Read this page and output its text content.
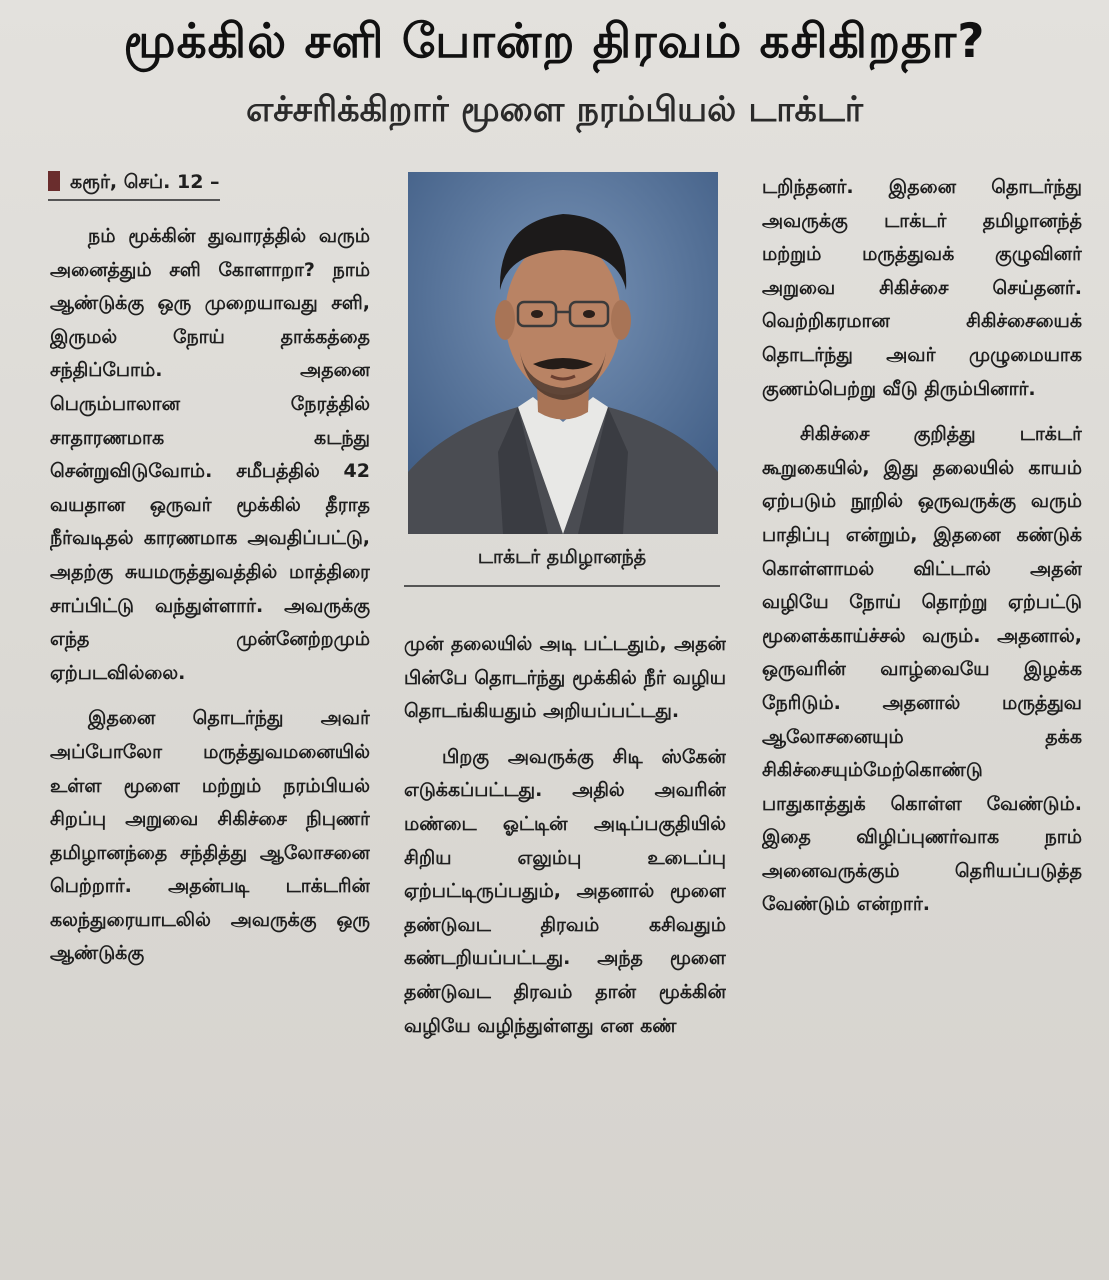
மூக்கில் சளி போன்ற திரவம் கசிகிறதா?
எச்சரிக்கிறார் மூளை நரம்பியல் டாக்டர்
கரூர், செப். 12 –

நம் மூக்கின் துவாரத்தில் வரும் அனைத்தும் சளி கோளாறா? நாம் ஆண்டுக்கு ஒரு முறையாவது சளி, இருமல் நோய் தாக்கத்தை சந்திப்போம். அதனை பெரும்பாலான நேரத்தில் சாதாரணமாக கடந்து சென்றுவிடுவோம். சமீபத்தில் 42 வயதான ஒருவர் மூக்கில் தீராத நீர்வடிதல் காரணமாக அவதிப்பட்டு, அதற்கு சுயமருத்துவத்தில் மாத்திரை சாப்பிட்டு வந்துள்ளார். அவருக்கு எந்த முன்னேற்றமும் ஏற்படவில்லை.

இதனை தொடர்ந்து அவர் அப்போலோ மருத்துவமனையில் உள்ள மூளை மற்றும் நரம்பியல் சிறப்பு அறுவை சிகிச்சை நிபுணர் தமிழானந்தை சந்தித்து ஆலோசனை பெற்றார். அதன்படி டாக்டரின் கலந்துரையாடலில் அவருக்கு ஒரு ஆண்டுக்கு

டாக்டர் தமிழானந்த்

முன் தலையில் அடி பட்டதும், அதன் பின்பே தொடர்ந்து மூக்கில் நீர் வழிய தொடங்கியதும் அறியப்பட்டது.

பிறகு அவருக்கு சிடி ஸ்கேன் எடுக்கப்பட்டது. அதில் அவரின் மண்டை ஓட்டின் அடிப்பகுதியில் சிறிய எலும்பு உடைப்பு ஏற்பட்டிருப்பதும், அதனால் மூளை தண்டுவட திரவம் கசிவதும் கண்டறியப்பட்டது. அந்த மூளை தண்டுவட திரவம் தான் மூக்கின் வழியே வழிந்துள்ளது என கண்

டறிந்தனர். இதனை தொடர்ந்து அவருக்கு டாக்டர் தமிழானந்த் மற்றும் மருத்துவக் குழுவினர் அறுவை சிகிச்சை செய்தனர். வெற்றிகரமான சிகிச்சையைக் தொடர்ந்து அவர் முழுமையாக குணம்பெற்று வீடு திரும்பினார்.

சிகிச்சை குறித்து டாக்டர் கூறுகையில், இது தலையில் காயம் ஏற்படும் நூறில் ஒருவருக்கு வரும் பாதிப்பு என்றும், இதனை கண்டுக் கொள்ளாமல் விட்டால் அதன் வழியே நோய் தொற்று ஏற்பட்டு மூளைக்காய்ச்சல் வரும். அதனால், ஒருவரின் வாழ்வையே இழக்க நேரிடும். அதனால் மருத்துவ ஆலோசனையும் தக்க சிகிச்சையும்மேற்கொண்டு பாதுகாத்துக் கொள்ள வேண்டும். இதை விழிப்புணர்வாக நாம் அனைவருக்கும் தெரியப்படுத்த வேண்டும் என்றார்.
